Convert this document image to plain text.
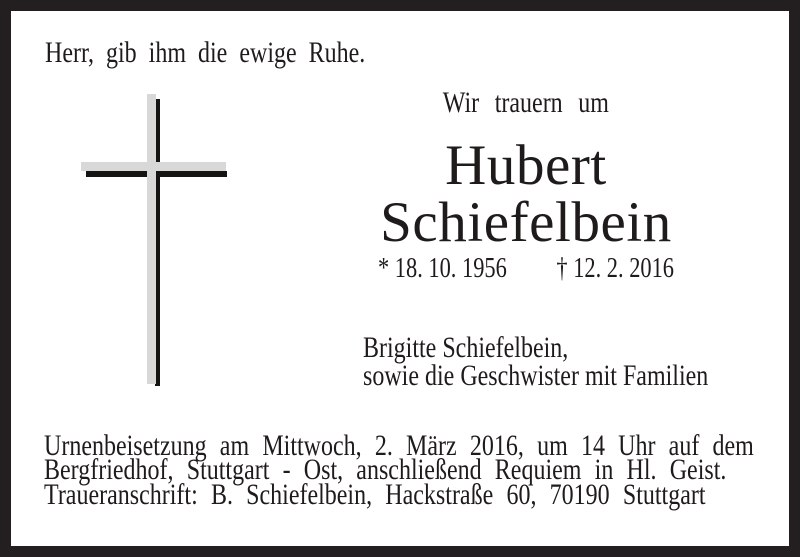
Herr, gib ihm die ewige Ruhe.
Wir trauern um
Hubert
Schiefelbein
* 18. 10. 1956 † 12. 2. 2016
Brigitte Schiefelbein,
sowie die Geschwister mit Familien
Urnenbeisetzung am Mittwoch, 2. März 2016, um 14 Uhr auf dem
Bergfriedhof, Stuttgart - Ost, anschließend Requiem in Hl. Geist.
Traueranschrift: B. Schiefelbein, Hackstraße 60, 70190 Stuttgart
